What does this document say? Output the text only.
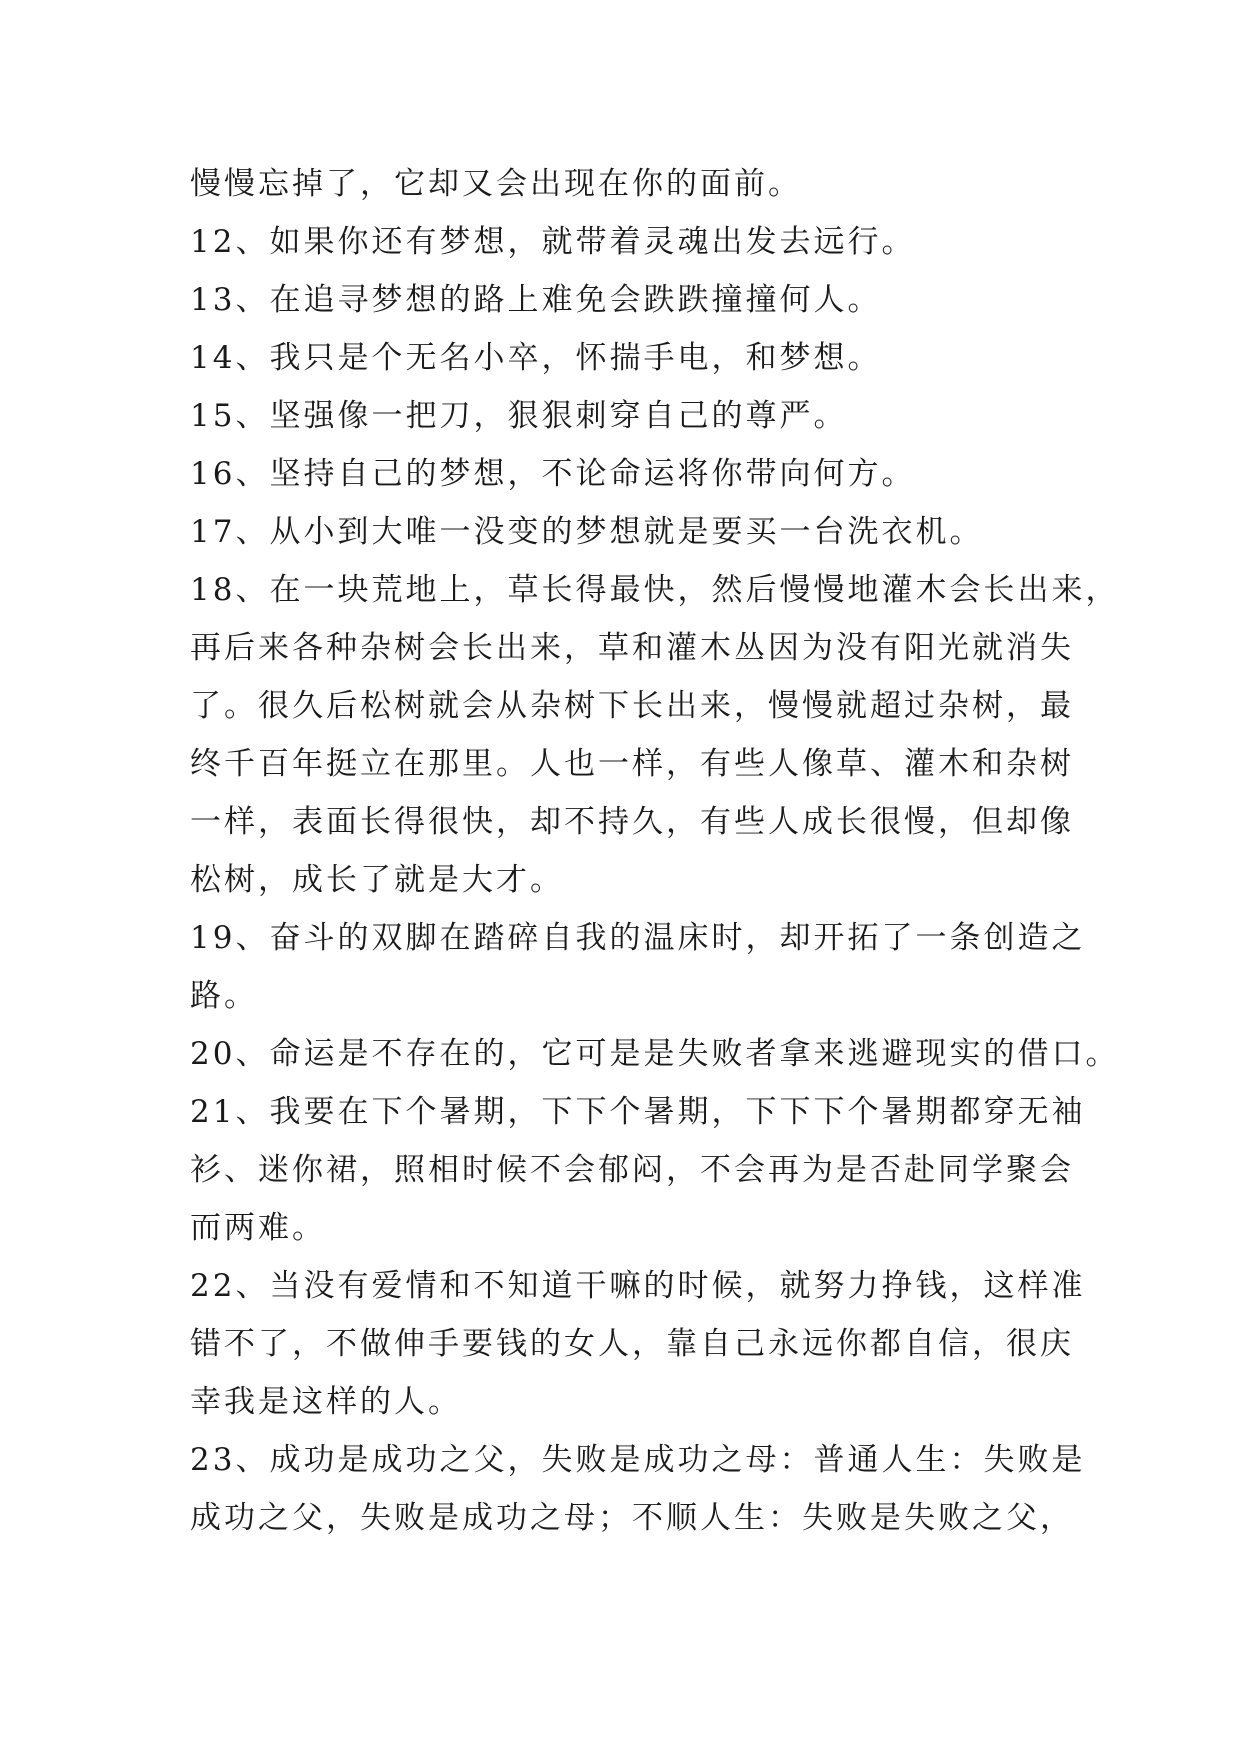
慢慢忘掉了，它却又会出现在你的面前。
12、如果你还有梦想，就带着灵魂出发去远行。
13、在追寻梦想的路上难免会跌跌撞撞何人。
14、我只是个无名小卒，怀揣手电，和梦想。
15、坚强像一把刀，狠狠刺穿自己的尊严。
16、坚持自己的梦想，不论命运将你带向何方。
17、从小到大唯一没变的梦想就是要买一台洗衣机。
18、在一块荒地上，草长得最快，然后慢慢地灌木会长出来，
再后来各种杂树会长出来，草和灌木丛因为没有阳光就消失
了。很久后松树就会从杂树下长出来，慢慢就超过杂树，最
终千百年挺立在那里。人也一样，有些人像草、灌木和杂树
一样，表面长得很快，却不持久，有些人成长很慢，但却像
松树，成长了就是大才。
19、奋斗的双脚在踏碎自我的温床时，却开拓了一条创造之
路。
20、命运是不存在的，它可是是失败者拿来逃避现实的借口。
21、我要在下个暑期，下下个暑期，下下下个暑期都穿无袖
衫、迷你裙，照相时候不会郁闷，不会再为是否赴同学聚会
而两难。
22、当没有爱情和不知道干嘛的时候，就努力挣钱，这样准
错不了，不做伸手要钱的女人，靠自己永远你都自信，很庆
幸我是这样的人。
23、成功是成功之父，失败是成功之母：普通人生：失败是
成功之父，失败是成功之母；不顺人生：失败是失败之父，
